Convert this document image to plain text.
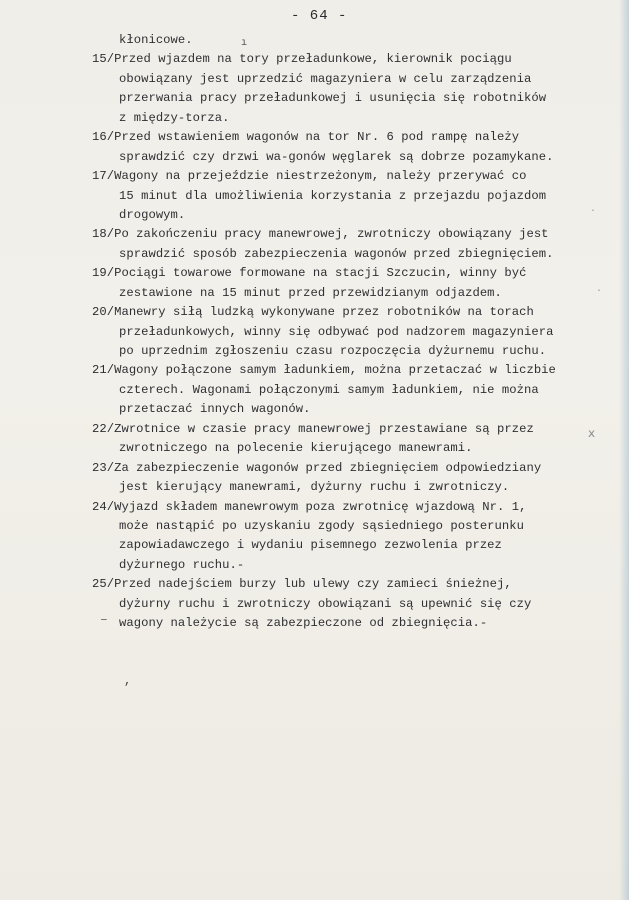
- 64 -
ı
ⅹ
·
·
–
,
kłonicowe.
15/Przed wjazdem na tory przeładunkowe, kierownik pociągu
obowiązany jest uprzedzić magazyniera w celu zarządzenia
przerwania pracy przeładunkowej i usunięcia się robotników
z między-torza.
16/Przed wstawieniem wagonów na tor Nr. 6 pod rampę należy
sprawdzić czy drzwi wa-gonów węglarek są dobrze pozamykane.
17/Wagony na przejeździe niestrzeżonym, należy przerywać co
15 minut dla umożliwienia korzystania z przejazdu pojazdom
drogowym.
18/Po zakończeniu pracy manewrowej, zwrotniczy obowiązany jest
sprawdzić sposób zabezpieczenia wagonów przed zbiegnięciem.
19/Pociągi towarowe formowane na stacji Szczucin, winny być
zestawione na 15 minut przed przewidzianym odjazdem.
20/Manewry siłą ludzką wykonywane przez robotników na torach
przeładunkowych, winny się odbywać pod nadzorem magazyniera
po uprzednim zgłoszeniu czasu rozpoczęcia dyżurnemu ruchu.
21/Wagony połączone samym ładunkiem, można przetaczać w liczbie
czterech. Wagonami połączonymi samym ładunkiem, nie można
przetaczać innych wagonów.
22/Zwrotnice w czasie pracy manewrowej przestawiane są przez
zwrotniczego na polecenie kierującego manewrami.
23/Za zabezpieczenie wagonów przed zbiegnięciem odpowiedziany
jest kierujący manewrami, dyżurny ruchu i zwrotniczy.
24/Wyjazd składem manewrowym poza zwrotnicę wjazdową Nr. 1,
może nastąpić po uzyskaniu zgody sąsiedniego posterunku
zapowiadawczego i wydaniu pisemnego zezwolenia przez
dyżurnego ruchu.-
25/Przed nadejściem burzy lub ulewy czy zamieci śnieżnej,
dyżurny ruchu i zwrotniczy obowiązani są upewnić się czy
wagony należycie są zabezpieczone od zbiegnięcia.-
